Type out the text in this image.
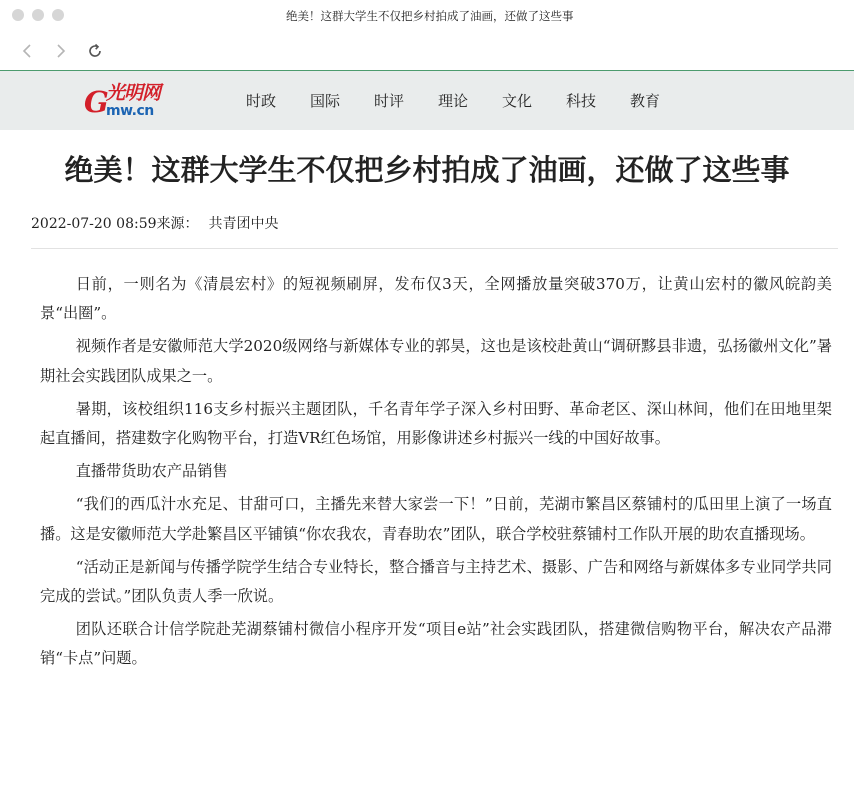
绝美！这群大学生不仅把乡村拍成了油画，还做了这些事
G
光明网
mw.cn
时政	国际	时评	理论	文化	科技	教育
绝美！这群大学生不仅把乡村拍成了油画，还做了这些事
2022-07-20 08:59来源： 共青团中央

日前，一则名为《清晨宏村》的短视频刷屏，发布仅3天，全网播放量突破370万，让黄山宏村的徽风皖韵美景“出圈”。

视频作者是安徽师范大学2020级网络与新媒体专业的郭昊，这也是该校赴黄山“调研黟县非遗，弘扬徽州文化”暑期社会实践团队成果之一。

暑期，该校组织116支乡村振兴主题团队，千名青年学子深入乡村田野、革命老区、深山林间，他们在田地里架起直播间，搭建数字化购物平台，打造VR红色场馆，用影像讲述乡村振兴一线的中国好故事。

直播带货助农产品销售

“我们的西瓜汁水充足、甘甜可口，主播先来替大家尝一下！”日前，芜湖市繁昌区蔡铺村的瓜田里上演了一场直播。这是安徽师范大学赴繁昌区平铺镇“你农我农，青春助农”团队，联合学校驻蔡铺村工作队开展的助农直播现场。

“活动正是新闻与传播学院学生结合专业特长，整合播音与主持艺术、摄影、广告和网络与新媒体多专业同学共同完成的尝试。”团队负责人季一欣说。

团队还联合计信学院赴芜湖蔡铺村微信小程序开发“项目e站”社会实践团队，搭建微信购物平台，解决农产品滞销“卡点”问题。
